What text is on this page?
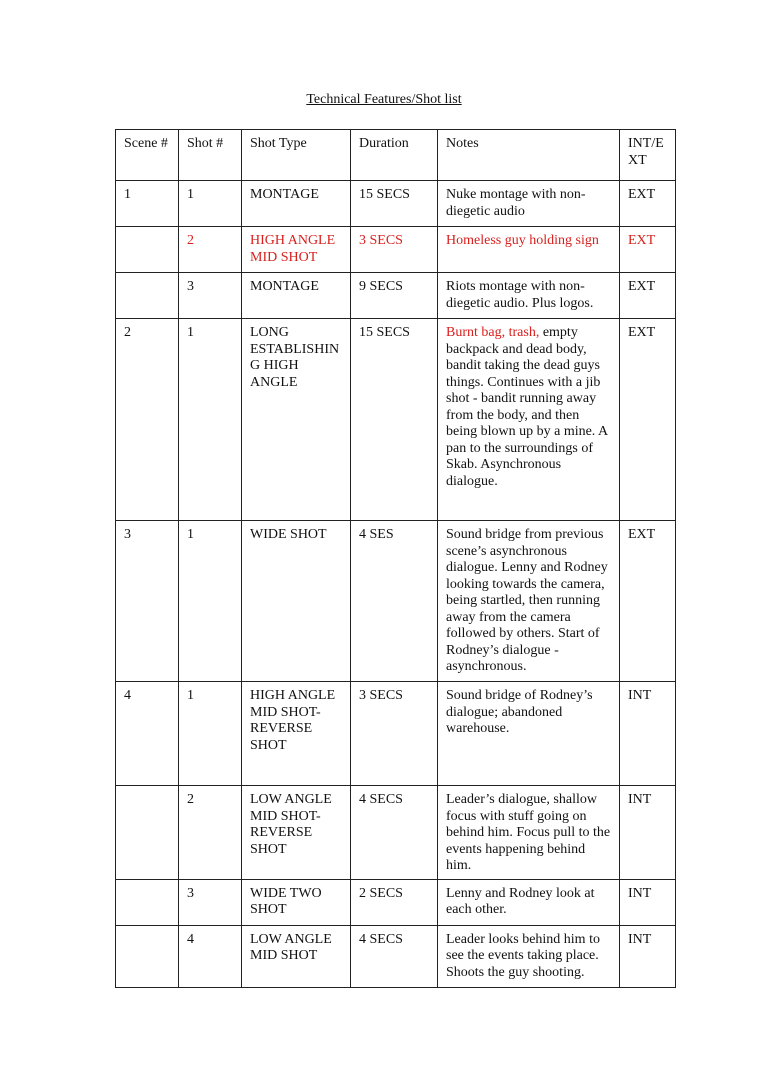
Technical Features/Shot list
Scene #	Shot #	Shot Type	Duration	Notes	INT/E XT
1	1	MONTAGE	15 SECS	Nuke montage with non-diegetic audio	EXT
	2	HIGH ANGLE MID SHOT	3 SECS	Homeless guy holding sign	EXT
	3	MONTAGE	9 SECS	Riots montage with non-diegetic audio. Plus logos.	EXT
2	1	LONG ESTABLISHIN G HIGH ANGLE	15 SECS	Burnt bag, trash, empty backpack and dead body, bandit taking the dead guys things. Continues with a jib shot - bandit running away from the body, and then being blown up by a mine. A pan to the surroundings of Skab. Asynchronous dialogue.	EXT
3	1	WIDE SHOT	4 SES	Sound bridge from previous scene’s asynchronous dialogue. Lenny and Rodney looking towards the camera, being startled, then running away from the camera followed by others. Start of Rodney’s dialogue - asynchronous.	EXT
4	1	HIGH ANGLE MID SHOT-REVERSE SHOT	3 SECS	Sound bridge of Rodney’s dialogue; abandoned warehouse.	INT
	2	LOW ANGLE MID SHOT-REVERSE SHOT	4 SECS	Leader’s dialogue, shallow focus with stuff going on behind him. Focus pull to the events happening behind him.	INT
	3	WIDE TWO SHOT	2 SECS	Lenny and Rodney look at each other.	INT
	4	LOW ANGLE MID SHOT	4 SECS	Leader looks behind him to see the events taking place. Shoots the guy shooting.	INT
